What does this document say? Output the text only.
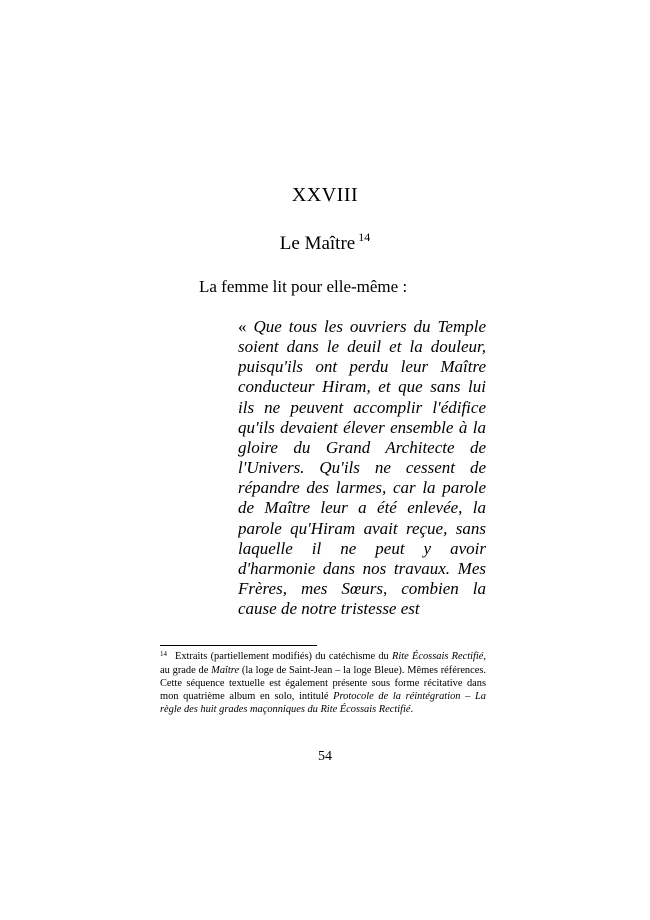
XXVIII
Le Maître $^{14}$
La femme lit pour elle-même :
« Que tous les ouvriers du Temple soient dans le deuil et la douleur, puisqu'ils ont perdu leur Maître conducteur Hiram, et que sans lui ils ne peuvent accomplir l'édifice qu'ils devaient élever ensemble à la gloire du Grand Architecte de l'Univers. Qu'ils ne cessent de répandre des larmes, car la parole de Maître leur a été enlevée, la parole qu'Hiram avait reçue, sans laquelle il ne peut y avoir d'harmonie dans nos travaux. Mes Frères, mes Sœurs, combien la cause de notre tristesse est
$^{14}$ Extraits (partiellement modifiés) du catéchisme du Rite Écossais Rectifié, au grade de Maître (la loge de Saint-Jean – la loge Bleue). Mêmes références. Cette séquence textuelle est également présente sous forme récitative dans mon quatrième album en solo, intitulé Protocole de la réintégration – La règle des huit grades maçonniques du Rite Écossais Rectifié.
54
